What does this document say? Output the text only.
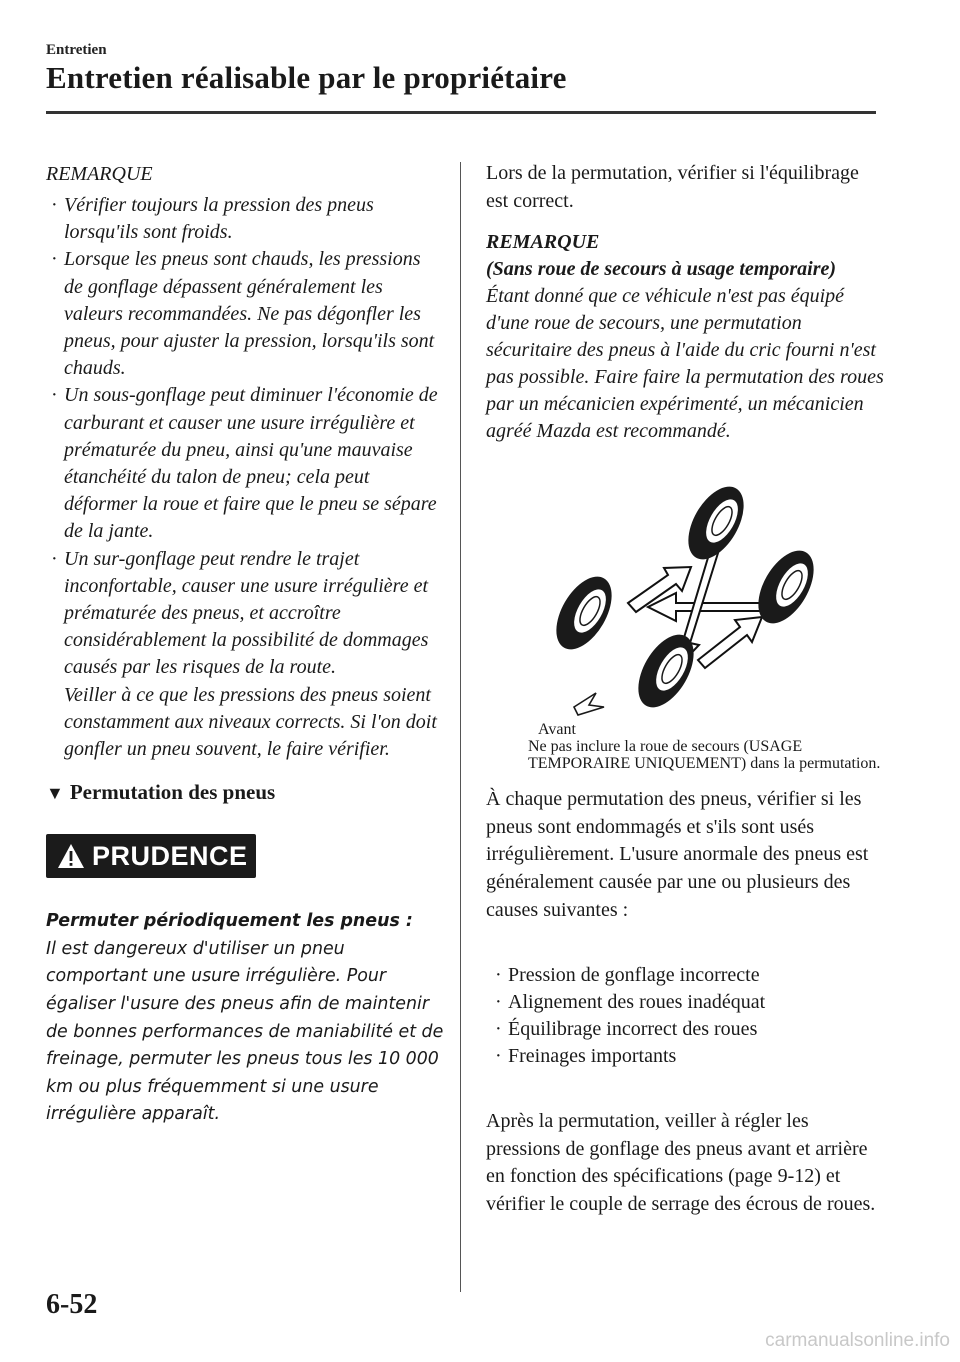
Entretien
Entretien réalisable par le propriétaire
REMARQUE
· Vérifier toujours la pression des pneus lorsqu'ils sont froids.
· Lorsque les pneus sont chauds, les pressions de gonflage dépassent généralement les valeurs recommandées. Ne pas dégonfler les pneus, pour ajuster la pression, lorsqu'ils sont chauds.
· Un sous-gonflage peut diminuer l'économie de carburant et causer une usure irrégulière et prématurée du pneu, ainsi qu'une mauvaise étanchéité du talon de pneu; cela peut déformer la roue et faire que le pneu se sépare de la jante.
· Un sur-gonflage peut rendre le trajet inconfortable, causer une usure irrégulière et prématurée des pneus, et accroître considérablement la possibilité de dommages causés par les risques de la route.
Veiller à ce que les pressions des pneus soient constamment aux niveaux corrects. Si l'on doit gonfler un pneu souvent, le faire vérifier.
▼ Permutation des pneus
PRUDENCE
Permuter périodiquement les pneus :
Il est dangereux d'utiliser un pneu comportant une usure irrégulière. Pour égaliser l'usure des pneus afin de maintenir de bonnes performances de maniabilité et de freinage, permuter les pneus tous les 10 000 km ou plus fréquemment si une usure irrégulière apparaît.

Lors de la permutation, vérifier si l'équilibrage est correct.

REMARQUE
(Sans roue de secours à usage temporaire)
Étant donné que ce véhicule n'est pas équipé d'une roue de secours, une permutation sécuritaire des pneus à l'aide du cric fourni n'est pas possible. Faire faire la permutation des roues par un mécanicien expérimenté, un mécanicien agréé Mazda est recommandé.
Avant
Ne pas inclure la roue de secours (USAGE TEMPORAIRE UNIQUEMENT) dans la permutation.

À chaque permutation des pneus, vérifier si les pneus sont endommagés et s'ils sont usés irrégulièrement. L'usure anormale des pneus est généralement causée par une ou plusieurs des causes suivantes :

· Pression de gonflage incorrecte
· Alignement des roues inadéquat
· Équilibrage incorrect des roues
· Freinages importants

Après la permutation, veiller à régler les pressions de gonflage des pneus avant et arrière en fonction des spécifications (page 9-12) et vérifier le couple de serrage des écrous de roues.

6-52
carmanualsonline.info
